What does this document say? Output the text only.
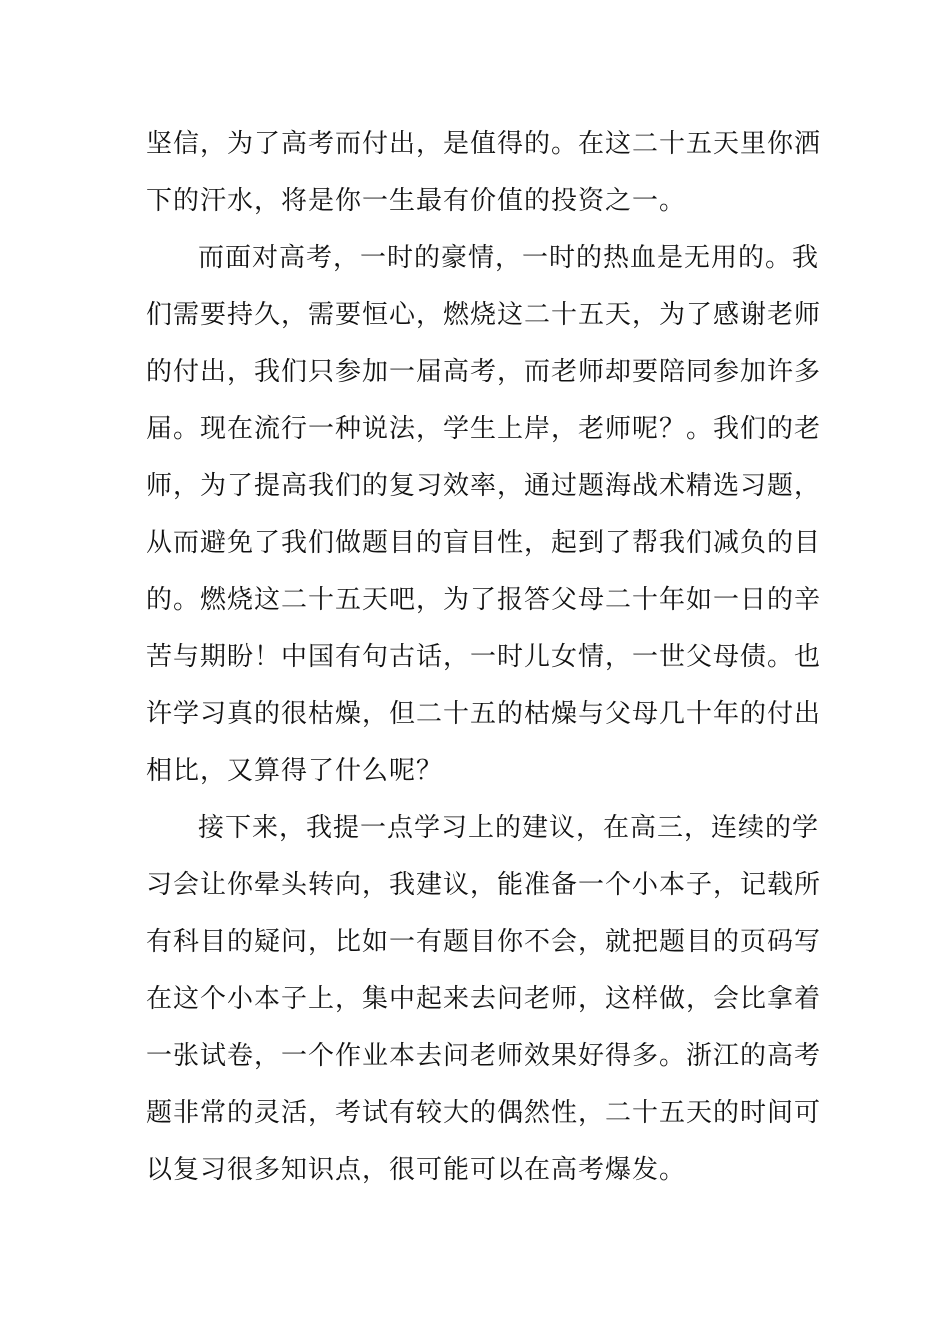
坚信，为了高考而付出，是值得的。在这二十五天里你洒
下的汗水，将是你一生最有价值的投资之一。
而面对高考，一时的豪情，一时的热血是无用的。我
们需要持久，需要恒心，燃烧这二十五天，为了感谢老师
的付出，我们只参加一届高考，而老师却要陪同参加许多
届。现在流行一种说法，学生上岸，老师呢？。我们的老
师，为了提高我们的复习效率，通过题海战术精选习题，
从而避免了我们做题目的盲目性，起到了帮我们减负的目
的。燃烧这二十五天吧，为了报答父母二十年如一日的辛
苦与期盼！中国有句古话，一时儿女情，一世父母债。也
许学习真的很枯燥，但二十五的枯燥与父母几十年的付出
相比，又算得了什么呢？
接下来，我提一点学习上的建议，在高三，连续的学
习会让你晕头转向，我建议，能准备一个小本子，记载所
有科目的疑问，比如一有题目你不会，就把题目的页码写
在这个小本子上，集中起来去问老师，这样做，会比拿着
一张试卷，一个作业本去问老师效果好得多。浙江的高考
题非常的灵活，考试有较大的偶然性，二十五天的时间可
以复习很多知识点，很可能可以在高考爆发。
